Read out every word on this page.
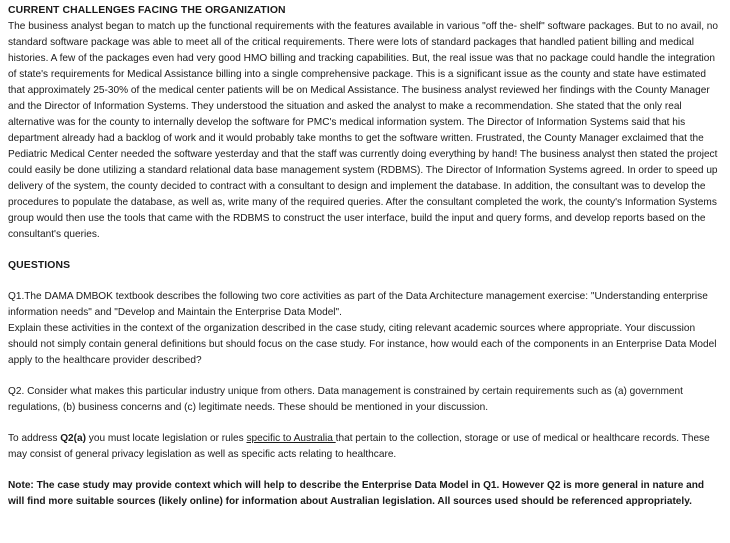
CURRENT CHALLENGES FACING THE ORGANIZATION

The business analyst began to match up the functional requirements with the features available in various "off the- shelf" software packages. But to no avail, no standard software package was able to meet all of the critical requirements. There were lots of standard packages that handled patient billing and medical histories. A few of the packages even had very good HMO billing and tracking capabilities. But, the real issue was that no package could handle the integration of state's requirements for Medical Assistance billing into a single comprehensive package. This is a significant issue as the county and state have estimated that approximately 25-30% of the medical center patients will be on Medical Assistance. The business analyst reviewed her findings with the County Manager and the Director of Information Systems. They understood the situation and asked the analyst to make a recommendation. She stated that the only real alternative was for the county to internally develop the software for PMC's medical information system. The Director of Information Systems said that his department already had a backlog of work and it would probably take months to get the software written. Frustrated, the County Manager exclaimed that the Pediatric Medical Center needed the software yesterday and that the staff was currently doing everything by hand! The business analyst then stated the project could easily be done utilizing a standard relational data base management system (RDBMS). The Director of Information Systems agreed. In order to speed up delivery of the system, the county decided to contract with a consultant to design and implement the database. In addition, the consultant was to develop the procedures to populate the database, as well as, write many of the required queries. After the consultant completed the work, the county's Information Systems group would then use the tools that came with the RDBMS to construct the user interface, build the input and query forms, and develop reports based on the consultant's queries.

QUESTIONS

Q1.The DAMA DMBOK textbook describes the following two core activities as part of the Data Architecture management exercise: "Understanding enterprise information needs" and "Develop and Maintain the Enterprise Data Model".

Explain these activities in the context of the organization described in the case study, citing relevant academic sources where appropriate. Your discussion should not simply contain general definitions but should focus on the case study. For instance, how would each of the components in an Enterprise Data Model apply to the healthcare provider described?

Q2. Consider what makes this particular industry unique from others. Data management is constrained by certain requirements such as (a) government regulations, (b) business concerns and (c) legitimate needs. These should be mentioned in your discussion.

To address Q2(a) you must locate legislation or rules specific to Australia that pertain to the collection, storage or use of medical or healthcare records. These may consist of general privacy legislation as well as specific acts relating to healthcare.

Note: The case study may provide context which will help to describe the Enterprise Data Model in Q1. However Q2 is more general in nature and will find more suitable sources (likely online) for information about Australian legislation. All sources used should be referenced appropriately.
